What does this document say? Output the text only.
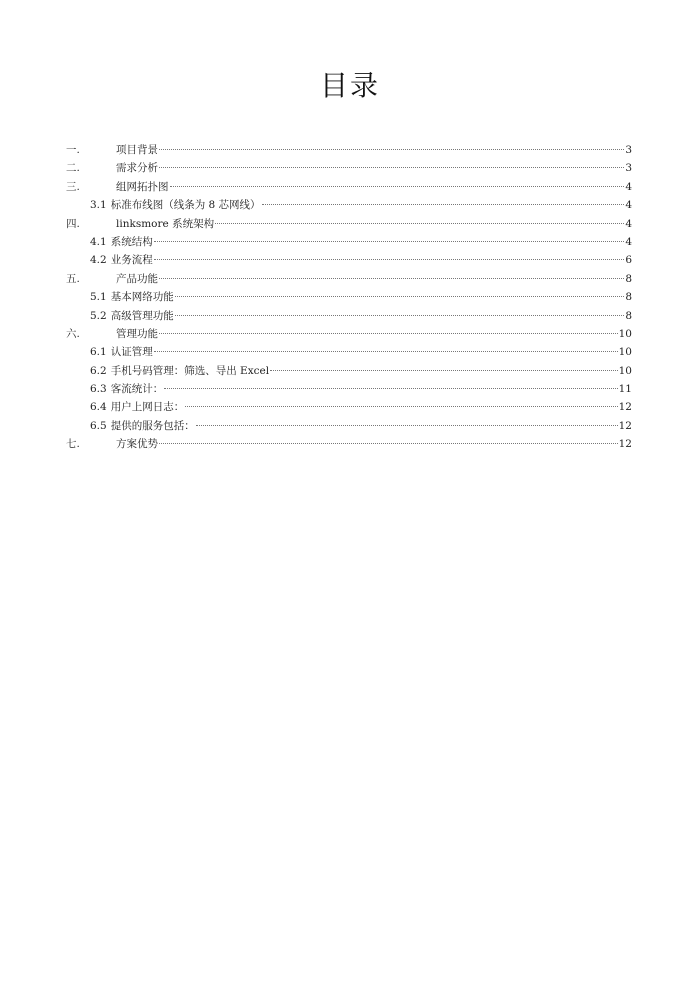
目录
一.	项目背景	3
二.	需求分析	3
三.	组网拓扑图	4
3.1 标准布线图（线条为 8 芯网线）	4
四.	linksmore 系统架构	4
4.1 系统结构	4
4.2 业务流程	6
五.	产品功能	8
5.1 基本网络功能	8
5.2 高级管理功能	8
六.	管理功能	10
6.1 认证管理	10
6.2 手机号码管理：筛选、导出 Excel	10
6.3 客流统计：	11
6.4 用户上网日志：	12
6.5 提供的服务包括：	12
七.	方案优势	12
